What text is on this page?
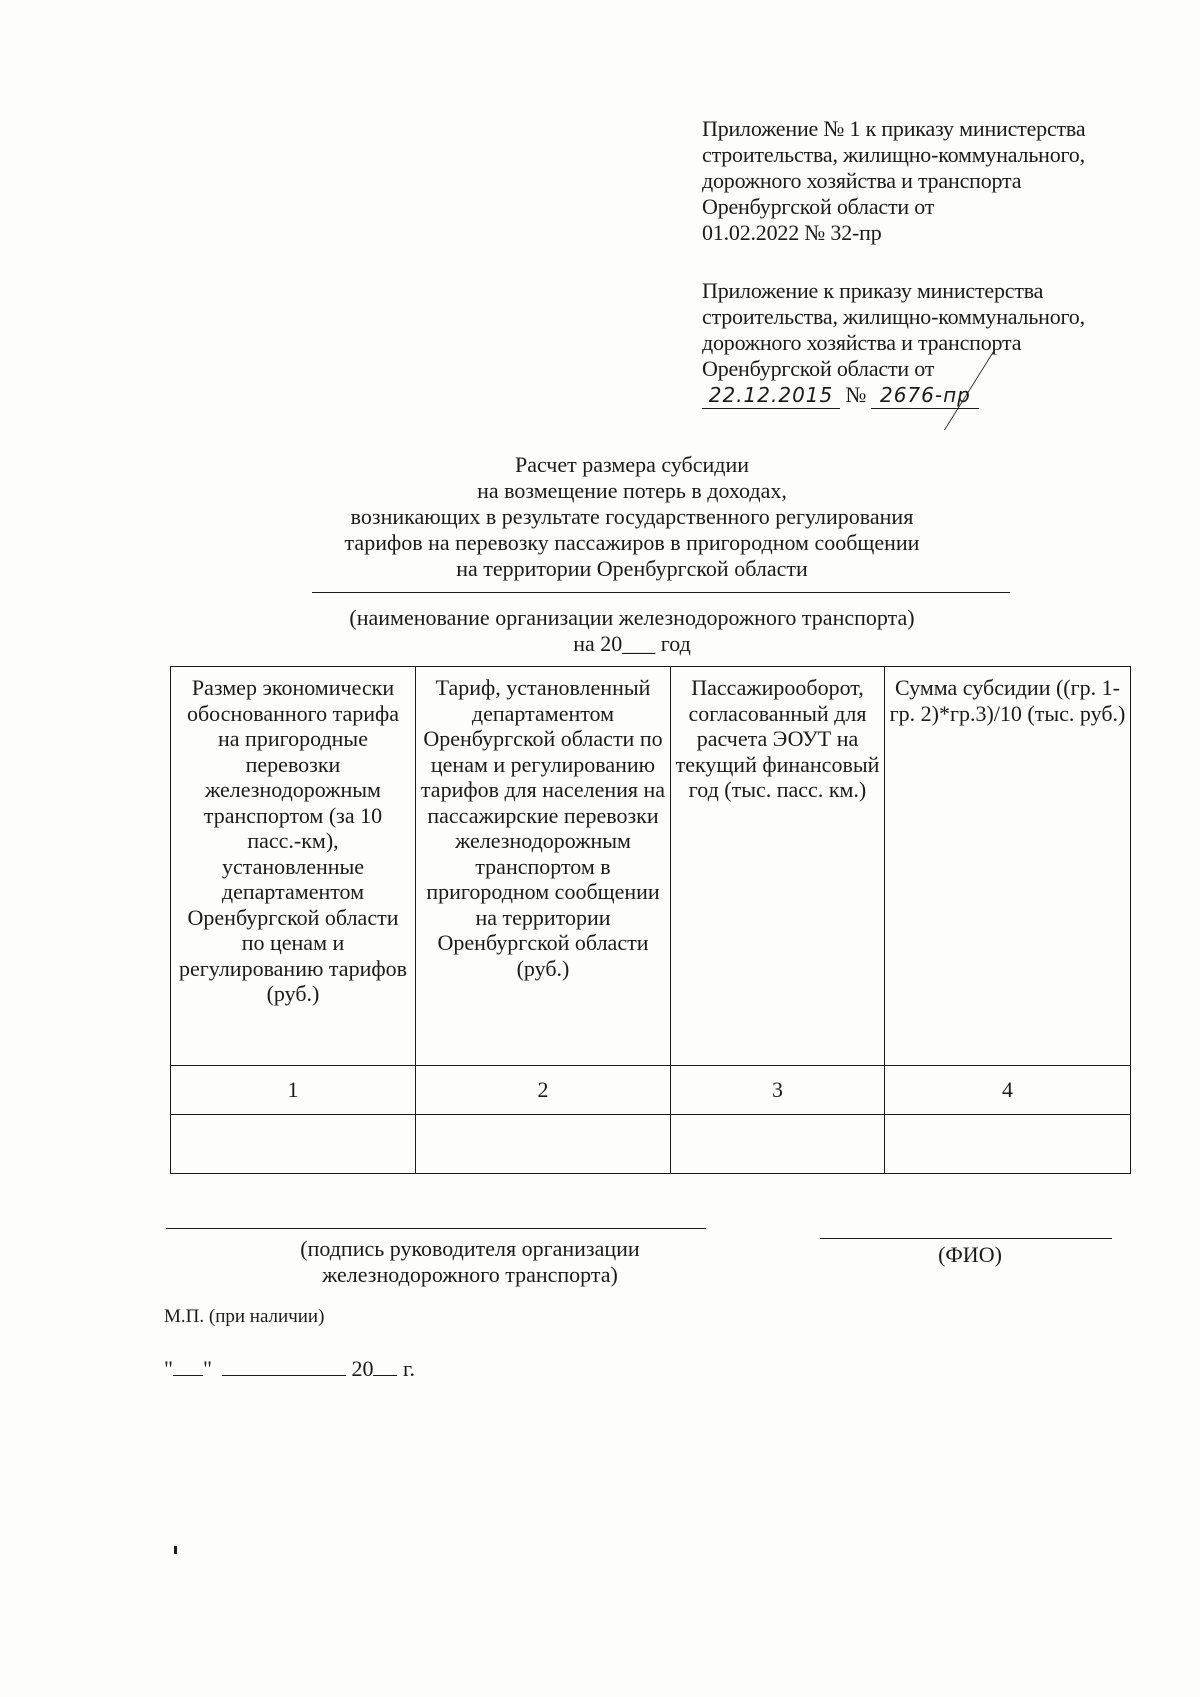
Приложение № 1 к приказу министерства

строительства, жилищно-коммунального,

дорожного хозяйства и транспорта

Оренбургской области от

01.02.2022 № 32-пр

Приложение к приказу министерства

строительства, жилищно-коммунального,

дорожного хозяйства и транспорта

Оренбургской области от

22.12.2015 № 2676-пр

Расчет размера субсидии

на возмещение потерь в доходах,

возникающих в результате государственного регулирования

тарифов на перевозку пассажиров в пригородном сообщении

на территории Оренбургской области

(наименование организации железнодорожного транспорта)

на 20___ год

Размер экономически обоснованного тарифа на пригородные перевозки железнодорожным транспортом (за 10 пасс.-км), установленные департаментом Оренбургской области по ценам и регулированию тарифов (руб.)	Тариф, установленный департаментом Оренбургской области по ценам и регулированию тарифов для населения на пассажирские перевозки железнодорожным транспортом в пригородном сообщении на территории Оренбургской области (руб.)	Пассажирооборот, согласованный для расчета ЭОУТ на текущий финансовый год (тыс. пасс. км.)	Сумма субсидии ((гр. 1- гр. 2)*гр.3)/10 (тыс. руб.)
1	2	3	4

(подпись руководителя организации

железнодорожного транспорта)

(ФИО)

М.П. (при наличии)
" "	20 г.
